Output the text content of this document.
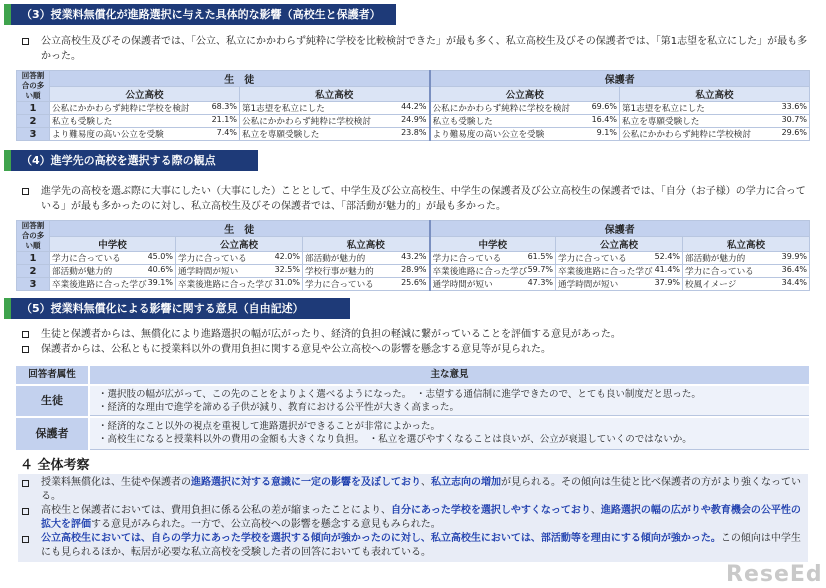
（3）授業料無償化が進路選択に与えた具体的な影響（高校生と保護者）
公立高校生及びその保護者では、「公立、私立にかかわらず純粋に学校を比較検討できた」が最も多く、私立高校生及びその保護者では、「第1志望を私立にした」が最も多かった。
回答割合の多い順	生　徒		保護者	
	公立高校	私立高校	公立高校	私立高校
1	公私にかかわらず純粋に学校を検討 68.3%	第1志望を私立にした 44.2%	公私にかかわらず純粋に学校を検討 69.6%	第1志望を私立にした 33.6%

2	私立も受験した 21.1%	公私にかかわらず純粋に学校検討 24.9%	私立も受験した 16.4%	私立を専願受験した 30.7%

3	より難易度の高い公立を受験 7.4%	私立を専願受験した 23.8%	より難易度の高い公立を受験 9.1%	公私にかかわらず純粋に学校検討 29.6%
（4）進学先の高校を選択する際の観点
進学先の高校を選ぶ際に大事にしたい（大事にした）こととして、中学生及び公立高校生、中学生の保護者及び公立高校生の保護者では、「自分（お子様）の学力に合っている」が最も多かったのに対し、私立高校生及びその保護者では、「部活動が魅力的」が最も多かった。
回答割合の多い順	生　徒			保護者		
	中学校	公立高校	私立高校	中学校	公立高校	私立高校
1	学力に合っている 45.0%	学力に合っている 42.0%	部活動が魅力的 43.2%	学力に合っている 61.5%	学力に合っている 52.4%	部活動が魅力的 39.9%

2	部活動が魅力的 40.6%	通学時間が短い 32.5%	学校行事が魅力的 28.9%	卒業後進路に合った学び 59.7%	卒業後進路に合った学び 41.4%	学力に合っている 36.4%

3	卒業後進路に合った学び 39.1%	卒業後進路に合った学び 31.0%	学力に合っている 25.6%	通学時間が短い 47.3%	通学時間が短い 37.9%	校風イメージ 34.4%
（5）授業料無償化による影響に関する意見（自由記述）
生徒と保護者からは、無償化により進路選択の幅が広がったり、経済的負担の軽減に繋がっていることを評価する意見があった。
保護者からは、公私ともに授業料以外の費用負担に関する意見や公立高校への影響を懸念する意見等が見られた。
回答者属性	主な意見
生徒	・選択肢の幅が広がって、この先のことをよりよく選べるようになった。　・志望する通信制に進学できたので、とても良い制度だと思った。
・経済的な理由で進学を諦める子供が減り、教育における公平性が大きく高まった。
保護者
・経済的なこと以外の視点を重視して進路選択ができることが非常によかった。
・高校生になると授業料以外の費用の金額も大きくなり負担。　・私立を選びやすくなることは良いが、公立が衰退していくのではないか。
４ 全体考察
授業料無償化は、生徒や保護者の進路選択に対する意識に一定の影響を及ぼしており、私立志向の増加が見られる。その傾向は生徒と比べ保護者の方がより強くなっている。
高校生と保護者においては、費用負担に係る公私の差が縮まったことにより、自分にあった学校を選択しやすくなっており、進路選択の幅の広がりや教育機会の公平性の拡大を評価する意見がみられた。一方で、公立高校への影響を懸念する意見もみられた。
公立高校生においては、自らの学力にあった学校を選択する傾向が強かったのに対し、私立高校生においては、部活動等を理由にする傾向が強かった。この傾向は中学生にも見られるほか、転居が必要な私立高校を受験した者の回答においても表れている。
ReseEd
